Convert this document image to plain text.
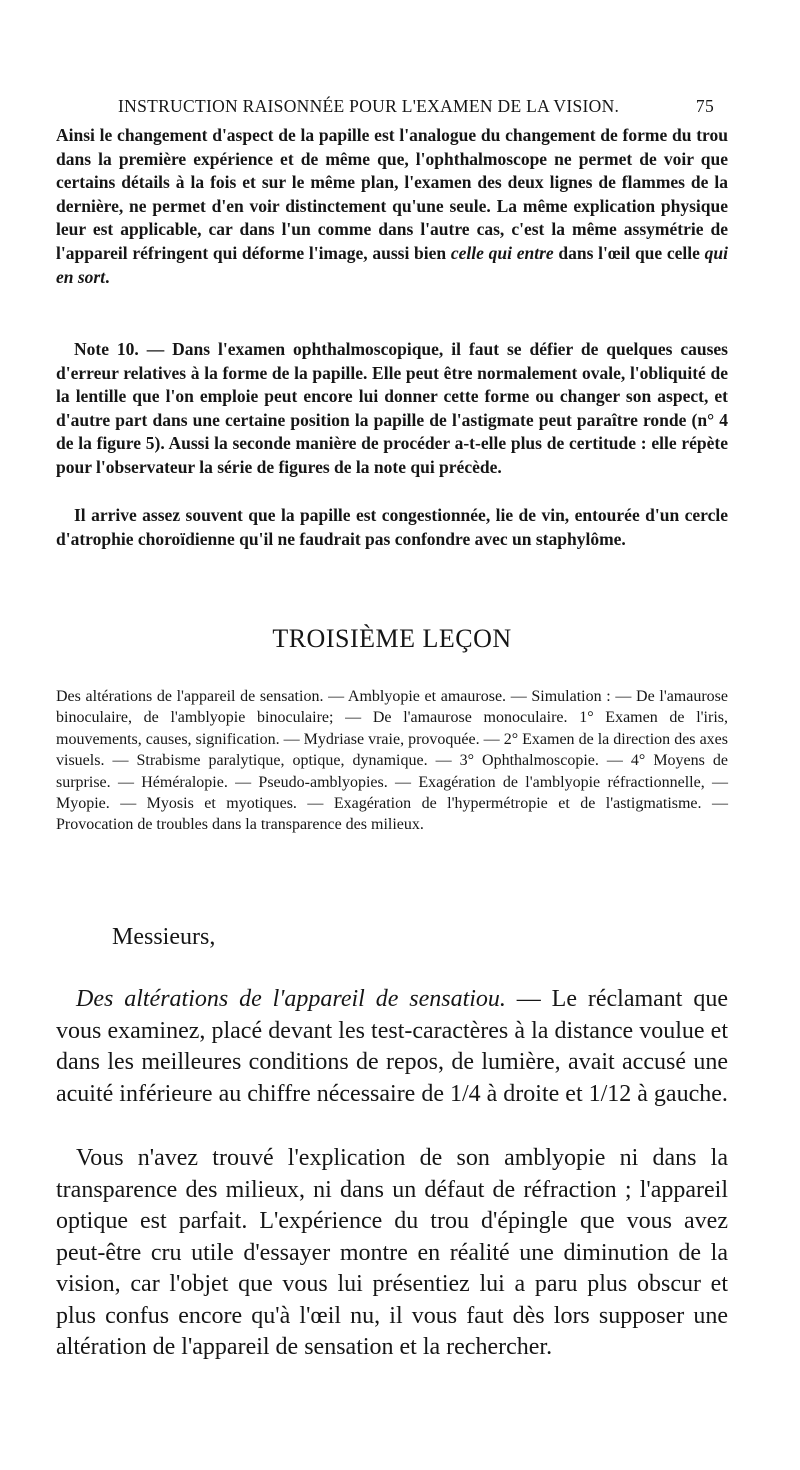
INSTRUCTION RAISONNÉE POUR L'EXAMEN DE LA VISION.	75

Ainsi le changement d'aspect de la papille est l'analogue du changement de forme du trou dans la première expérience et de même que, l'ophthalmoscope ne permet de voir que certains détails à la fois et sur le même plan, l'examen des deux lignes de flammes de la dernière, ne permet d'en voir distinctement qu'une seule. La même explication physique leur est applicable, car dans l'un comme dans l'autre cas, c'est la même assymétrie de l'appareil réfringent qui déforme l'image, aussi bien celle qui entre dans l'œil que celle qui en sort.

Note 10. — Dans l'examen ophthalmoscopique, il faut se défier de quelques causes d'erreur relatives à la forme de la papille. Elle peut être normalement ovale, l'obliquité de la lentille que l'on emploie peut encore lui donner cette forme ou changer son aspect, et d'autre part dans une certaine position la papille de l'astigmate peut paraître ronde (n° 4 de la figure 5). Aussi la seconde manière de procéder a-t-elle plus de certitude : elle répète pour l'observateur la série de figures de la note qui précède.

Il arrive assez souvent que la papille est congestionnée, lie de vin, entourée d'un cercle d'atrophie choroïdienne qu'il ne faudrait pas confondre avec un staphylôme.

TROISIÈME LEÇON
Des altérations de l'appareil de sensation. — Amblyopie et amaurose. — Simulation : — De l'amaurose binoculaire, de l'amblyopie binoculaire; — De l'amaurose monoculaire. 1° Examen de l'iris, mouvements, causes, signification. — Mydriase vraie, provoquée. — 2° Examen de la direction des axes visuels. — Strabisme paralytique, optique, dynamique. — 3° Ophthalmoscopie. — 4° Moyens de surprise. — Héméralopie. — Pseudo-amblyopies. — Exagération de l'amblyopie réfractionnelle, — Myopie. — Myosis et myotiques. — Exagération de l'hypermétropie et de l'astigmatisme. — Provocation de troubles dans la transparence des milieux.
Messieurs,

Des altérations de l'appareil de sensatiou. — Le réclamant que vous examinez, placé devant les test-caractères à la distance voulue et dans les meilleures conditions de repos, de lumière, avait accusé une acuité inférieure au chiffre nécessaire de 1/4 à droite et 1/12 à gauche.

Vous n'avez trouvé l'explication de son amblyopie ni dans la transparence des milieux, ni dans un défaut de réfraction ; l'appareil optique est parfait. L'expérience du trou d'épingle que vous avez peut-être cru utile d'essayer montre en réalité une diminution de la vision, car l'objet que vous lui présentiez lui a paru plus obscur et plus confus encore qu'à l'œil nu, il vous faut dès lors supposer une altération de l'appareil de sensation et la rechercher.
